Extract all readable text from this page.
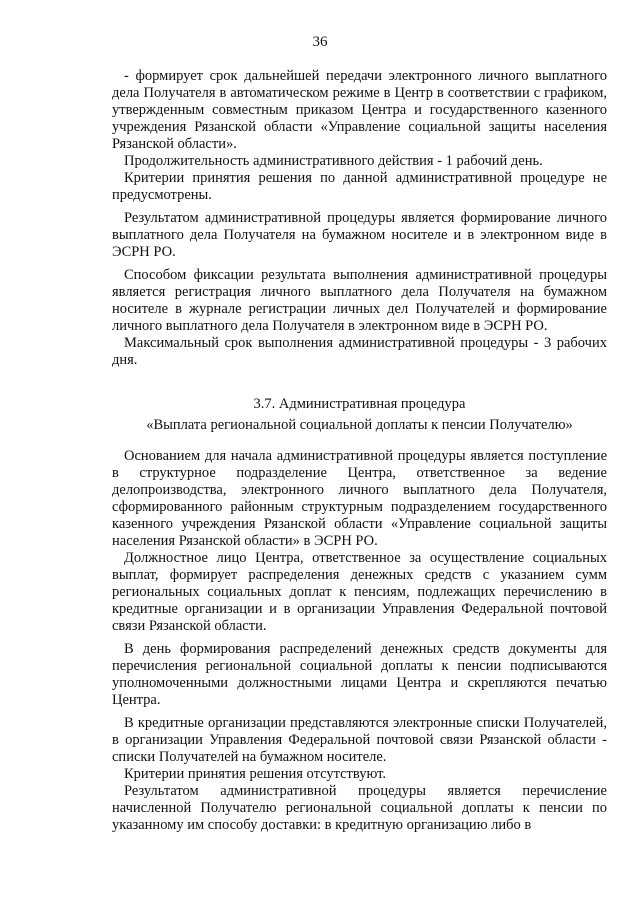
36

- формирует срок дальнейшей передачи электронного личного выплатного дела Получателя в автоматическом режиме в Центр в соответствии с графиком, утвержденным совместным приказом Центра и государственного казенного учреждения Рязанской области «Управление социальной защиты населения Рязанской области».

Продолжительность административного действия - 1 рабочий день.

Критерии принятия решения по данной административной процедуре не предусмотрены.

Результатом административной процедуры является формирование личного выплатного дела Получателя на бумажном носителе и в электронном виде в ЭСРН РО.

Способом фиксации результата выполнения административной процедуры является регистрация личного выплатного дела Получателя на бумажном носителе в журнале регистрации личных дел Получателей и формирование личного выплатного дела Получателя в электронном виде в ЭСРН РО.

Максимальный срок выполнения административной процедуры - 3 рабочих дня.

3.7. Административная процедура
«Выплата региональной социальной доплаты к пенсии Получателю»

Основанием для начала административной процедуры является поступление в структурное подразделение Центра, ответственное за ведение делопроизводства, электронного личного выплатного дела Получателя, сформированного районным структурным подразделением государственного казенного учреждения Рязанской области «Управление социальной защиты населения Рязанской области» в ЭСРН РО.

Должностное лицо Центра, ответственное за осуществление социальных выплат, формирует распределения денежных средств с указанием сумм региональных социальных доплат к пенсиям, подлежащих перечислению в кредитные организации и в организации Управления Федеральной почтовой связи Рязанской области.

В день формирования распределений денежных средств документы для перечисления региональной социальной доплаты к пенсии подписываются уполномоченными должностными лицами Центра и скрепляются печатью Центра.

В кредитные организации представляются электронные списки Получателей, в организации Управления Федеральной почтовой связи Рязанской области - списки Получателей на бумажном носителе.

Критерии принятия решения отсутствуют.

Результатом административной процедуры является перечисление начисленной Получателю региональной социальной доплаты к пенсии по указанному им способу доставки: в кредитную организацию либо в
